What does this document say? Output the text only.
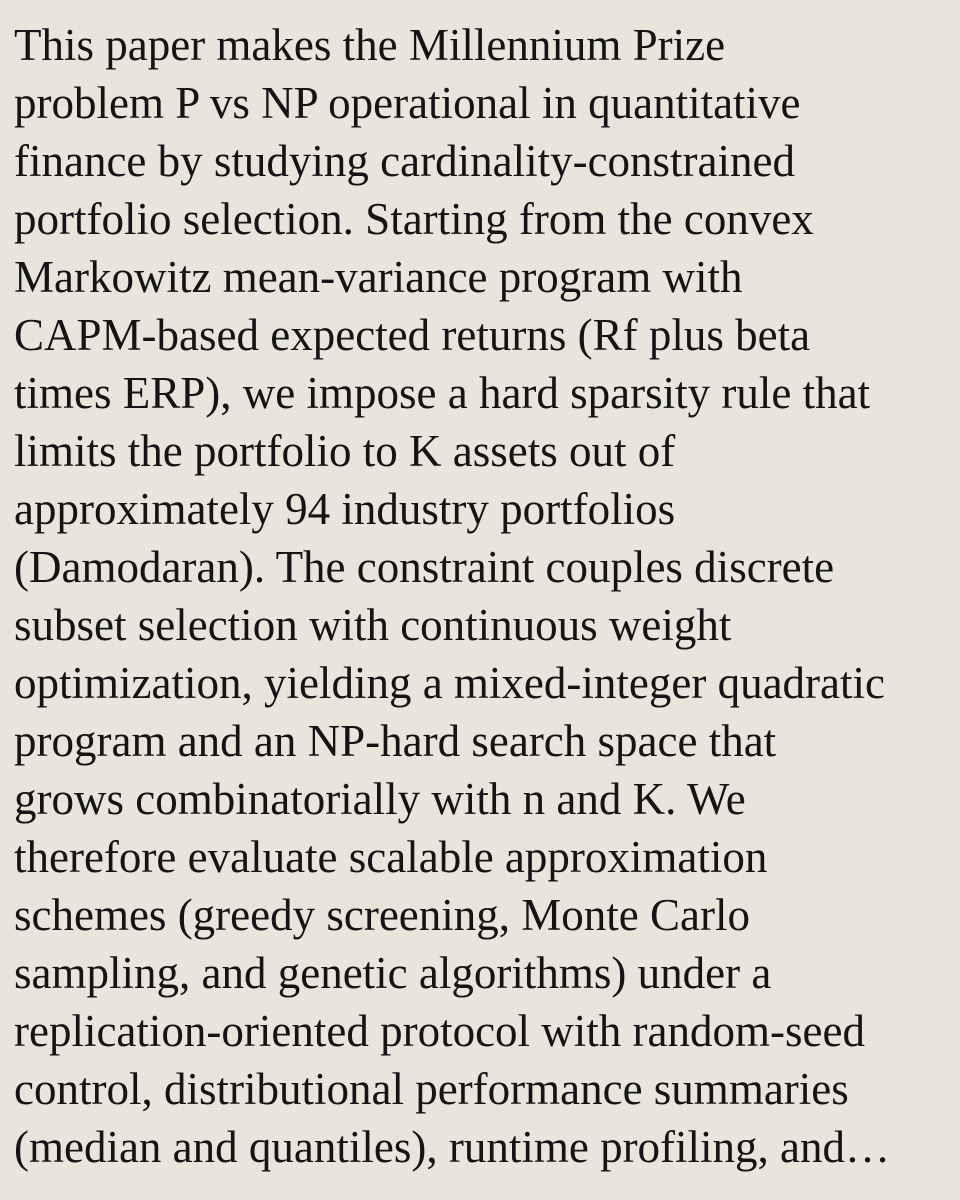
This paper makes the Millennium Prize
problem P vs NP operational in quantitative
finance by studying cardinality-constrained
portfolio selection. Starting from the convex
Markowitz mean-variance program with
CAPM-based expected returns (Rf plus beta
times ERP), we impose a hard sparsity rule that
limits the portfolio to K assets out of
approximately 94 industry portfolios
(Damodaran). The constraint couples discrete
subset selection with continuous weight
optimization, yielding a mixed-integer quadratic
program and an NP-hard search space that
grows combinatorially with n and K. We
therefore evaluate scalable approximation
schemes (greedy screening, Monte Carlo
sampling, and genetic algorithms) under a
replication-oriented protocol with random-seed
control, distributional performance summaries
(median and quantiles), runtime profiling, and…
